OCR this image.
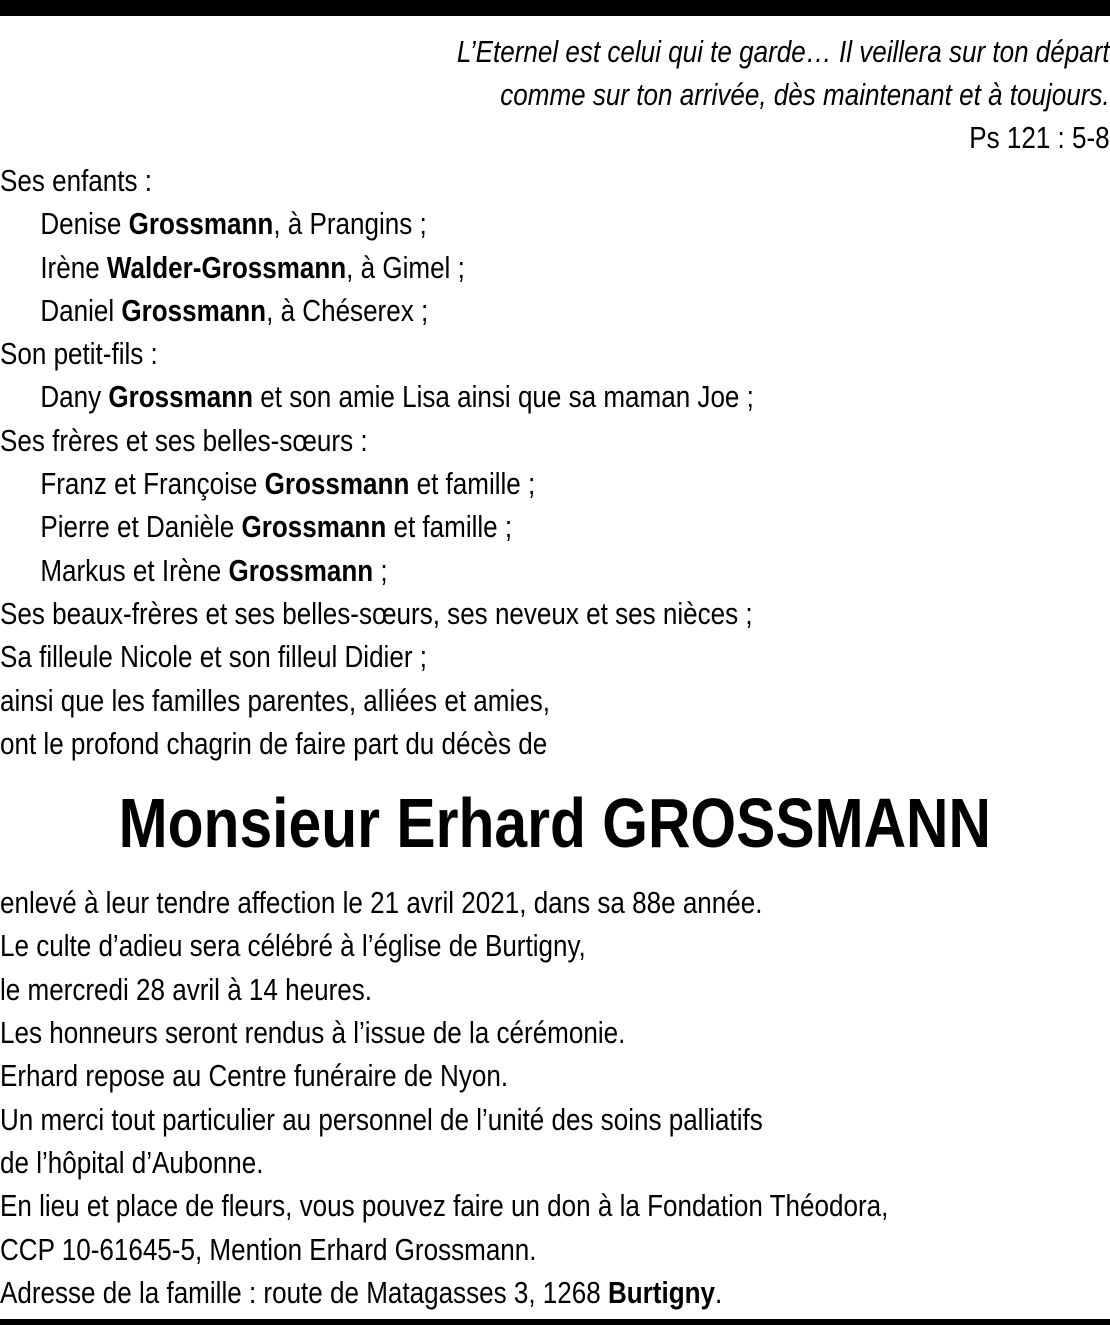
L’Eternel est celui qui te garde… Il veillera sur ton départ
comme sur ton arrivée, dès maintenant et à toujours.
Ps 121 : 5-8
Ses enfants :
Denise Grossmann, à Prangins ;
Irène Walder-Grossmann, à Gimel ;
Daniel Grossmann, à Chéserex ;
Son petit-fils :
Dany Grossmann et son amie Lisa ainsi que sa maman Joe ;
Ses frères et ses belles-sœurs :
Franz et Françoise Grossmann et famille ;
Pierre et Danièle Grossmann et famille ;
Markus et Irène Grossmann ;
Ses beaux-frères et ses belles-sœurs, ses neveux et ses nièces ;
Sa filleule Nicole et son filleul Didier ;
ainsi que les familles parentes, alliées et amies,
ont le profond chagrin de faire part du décès de
Monsieur Erhard GROSSMANN
enlevé à leur tendre affection le 21 avril 2021, dans sa 88e année.
Le culte d’adieu sera célébré à l’église de Burtigny,
le mercredi 28 avril à 14 heures.
Les honneurs seront rendus à l’issue de la cérémonie.
Erhard repose au Centre funéraire de Nyon.
Un merci tout particulier au personnel de l’unité des soins palliatifs
de l’hôpital d’Aubonne.
En lieu et place de fleurs, vous pouvez faire un don à la Fondation Théodora,
CCP 10-61645-5, Mention Erhard Grossmann.
Adresse de la famille : route de Matagasses 3, 1268 Burtigny.
